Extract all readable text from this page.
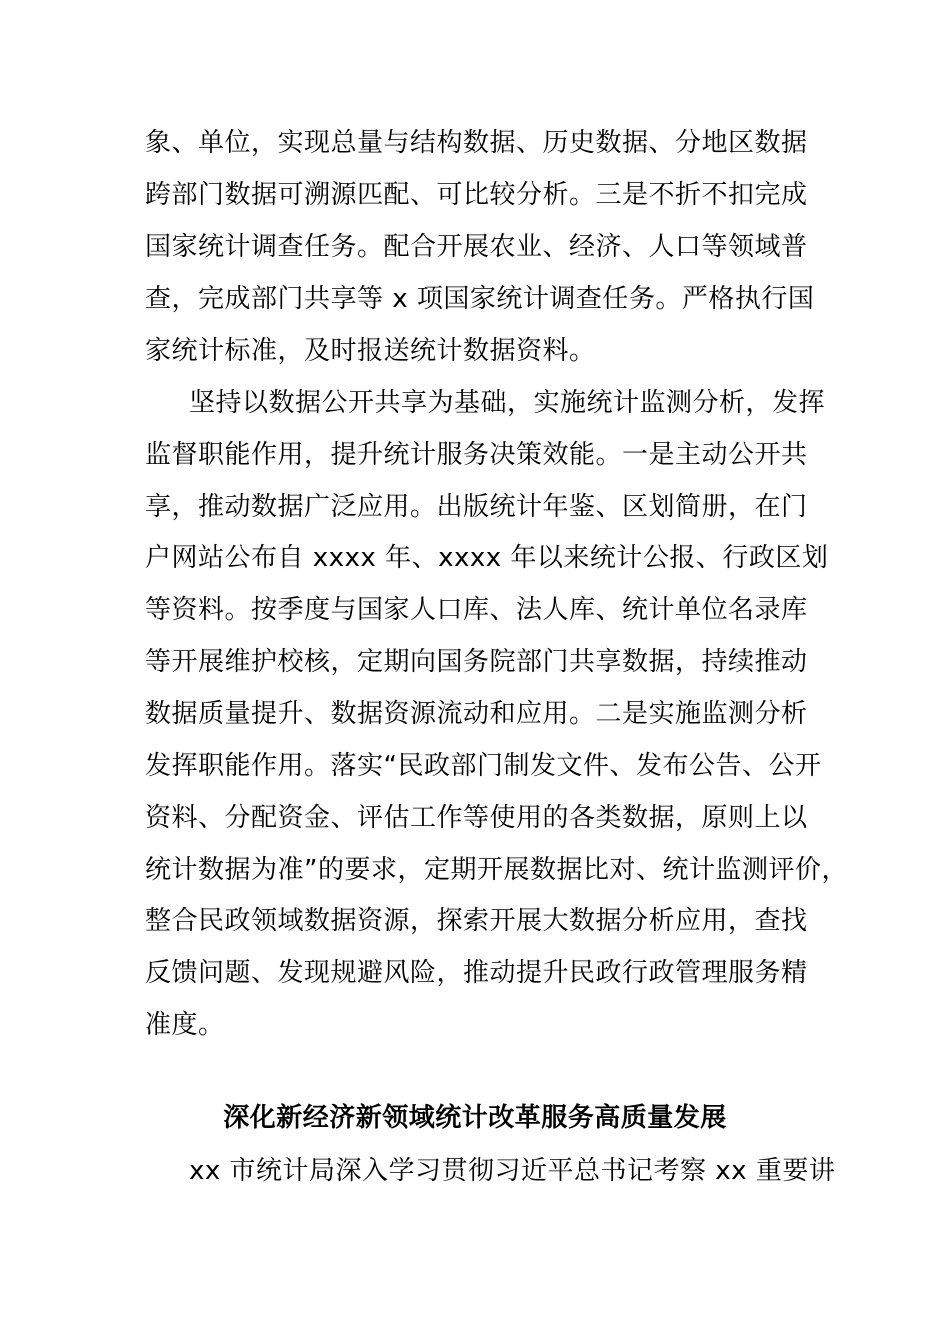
象、单位，实现总量与结构数据、历史数据、分地区数据
跨部门数据可溯源匹配、可比较分析。三是不折不扣完成
国家统计调查任务。配合开展农业、经济、人口等领域普
查，完成部门共享等 x 项国家统计调查任务。严格执行国
家统计标准，及时报送统计数据资料。
坚持以数据公开共享为基础，实施统计监测分析，发挥
监督职能作用，提升统计服务决策效能。一是主动公开共
享，推动数据广泛应用。出版统计年鉴、区划简册，在门
户网站公布自 xxxx 年、xxxx 年以来统计公报、行政区划
等资料。按季度与国家人口库、法人库、统计单位名录库
等开展维护校核，定期向国务院部门共享数据，持续推动
数据质量提升、数据资源流动和应用。二是实施监测分析
发挥职能作用。落实“民政部门制发文件、发布公告、公开
资料、分配资金、评估工作等使用的各类数据，原则上以
统计数据为准”的要求，定期开展数据比对、统计监测评价，
整合民政领域数据资源，探索开展大数据分析应用，查找
反馈问题、发现规避风险，推动提升民政行政管理服务精
准度。
深化新经济新领域统计改革服务高质量发展
xx 市统计局深入学习贯彻习近平总书记考察 xx 重要讲
